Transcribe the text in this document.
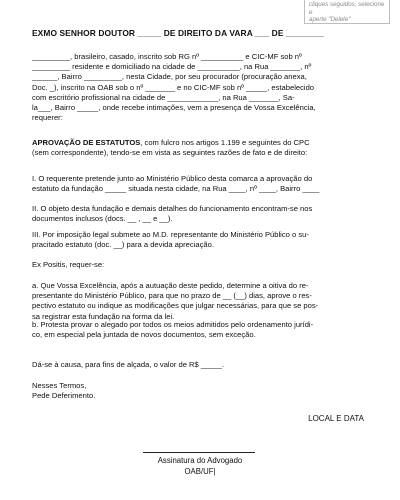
cliques seguidos, selecione e
aperte "Delete"
EXMO SENHOR DOUTOR _____ DE DIREITO DA VARA ___ DE ________
_________, brasileiro, casado, inscrito sob RG nº __________ e CIC-MF sob nº
_________ residente e domiciliado na cidade de __________, na Rua _______, nº
______, Bairro _________, nesta Cidade, por seu procurador (procuração anexa,
Doc. _), inscrito na OAB sob o nº _______ e no CIC-MF sob nº _____, estabelecido
com escritório profissional na cidade de ____________, na Rua _______, Sa-
la___, Bairro _____, onde recebe intimações, vem a presença de Vossa Excelência,
requerer:
APROVAÇÃO DE ESTATUTOS, com fulcro nos artigos 1.199 e seguintes do CPC
(sem correspondente), tendo-se em vista as seguintes razões de fato e de direito:
I. O requerente pretende junto ao Ministério Público desta comarca a aprovação do
estatuto da fundação _____ situada nesta cidade, na Rua ____, nº ____, Bairro ____
II. O objeto desta fundação e demais detalhes do funcionamento encontram-se nos
documentos inclusos (docs. __ , __ e __).
III. Por imposição legal submete ao M.D. representante do Ministério Público o su-
pracitado estatuto (doc. __) para a devida apreciação.
Ex Positis, requer-se:
a. Que Vossa Excelência, após a autuação deste pedido, determine a oitiva do re-
presentante do Ministério Público, para que no prazo de __ (__) dias, aprove o res-
pectivo estatuto ou indique as modificações que julgar necessárias, para que se pos-
sa registrar esta fundação na forma da lei.
b. Protesta provar o alegado por todos os meios admitidos pelo ordenamento jurídi-
co, em especial pela juntada de novos documentos, sem exceção.
Dá-se à causa, para fins de alçada, o valor de R$ _____.
Nesses Termos,
Pede Deferimento.
LOCAL E DATA
Assinatura do Advogado
OAB/UF|
